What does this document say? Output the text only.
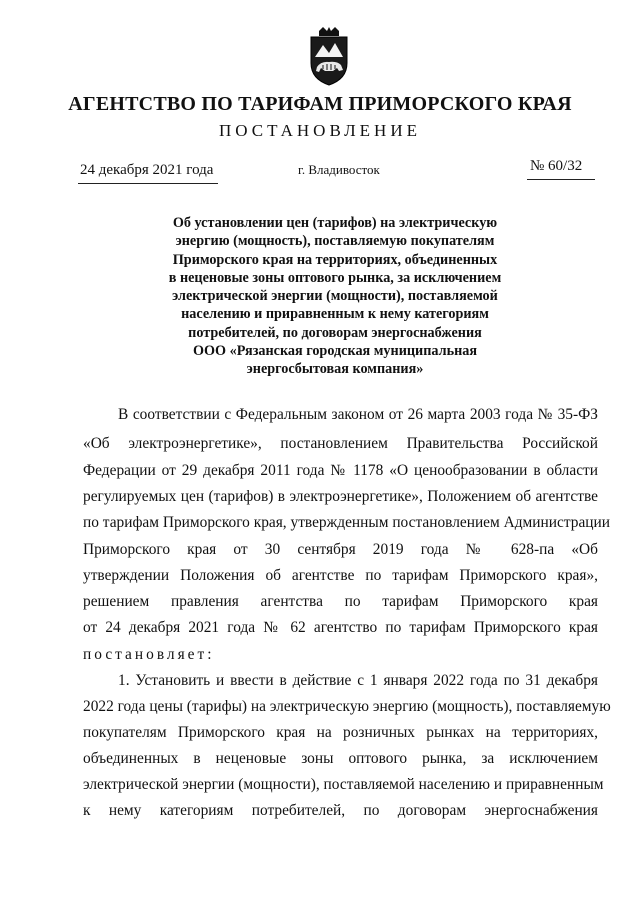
АГЕНТСТВО ПО ТАРИФАМ ПРИМОРСКОГО КРАЯ
ПОСТАНОВЛЕНИЕ
24 декабря 2021 года	г. Владивосток	№ 60/32
Об установлении цен (тарифов) на электрическую
энергию (мощность), поставляемую покупателям
Приморского края на территориях, объединенных
в неценовые зоны оптового рынка, за исключением
электрической энергии (мощности), поставляемой
населению и приравненным к нему категориям
потребителей, по договорам энергоснабжения
ООО «Рязанская городская муниципальная
энергосбытовая компания»
В соответствии с Федеральным законом от 26 марта 2003 года № 35-ФЗ
«Об электроэнергетике», постановлением Правительства Российской
Федерации от 29 декабря 2011 года № 1178 «О ценообразовании в области
регулируемых цен (тарифов) в электроэнергетике», Положением об агентстве
по тарифам Приморского края, утвержденным постановлением Администрации
Приморского края от 30 сентября 2019 года № 628-па «Об
утверждении Положения об агентстве по тарифам Приморского края»,
решением правления агентства по тарифам Приморского края
от 24 декабря 2021 года № 62 агентство по тарифам Приморского края
постановляет:
1. Установить и ввести в действие с 1 января 2022 года по 31 декабря
2022 года цены (тарифы) на электрическую энергию (мощность), поставляемую
покупателям Приморского края на розничных рынках на территориях,
объединенных в неценовые зоны оптового рынка, за исключением
электрической энергии (мощности), поставляемой населению и приравненным
к нему категориям потребителей, по договорам энергоснабжения
